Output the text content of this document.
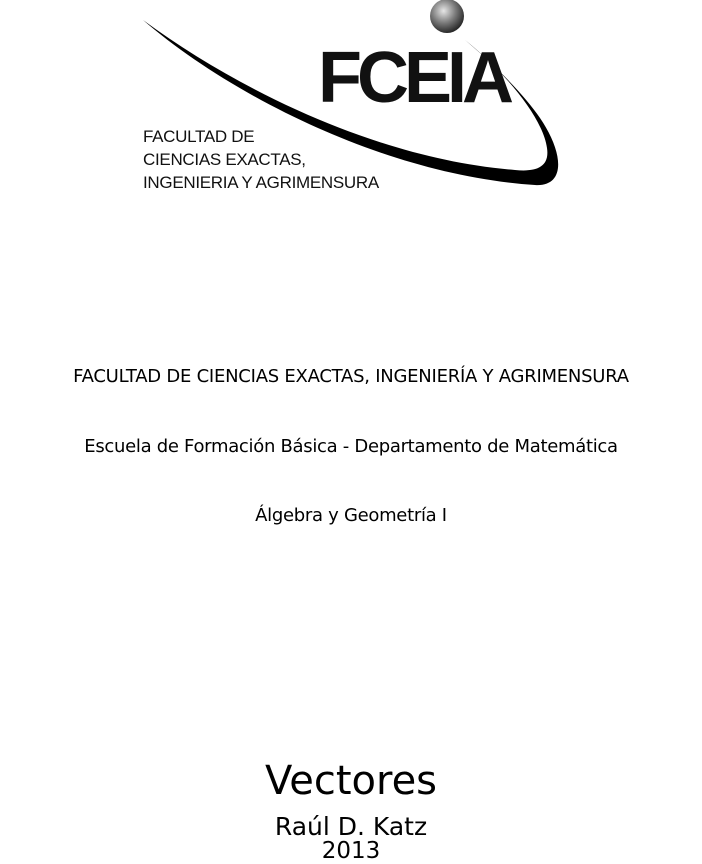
FCEIA
FACULTAD DE
CIENCIAS EXACTAS,
INGENIERIA Y AGRIMENSURA
FACULTAD DE CIENCIAS EXACTAS, INGENIERÍA Y AGRIMENSURA
Escuela de Formación Básica - Departamento de Matemática
Álgebra y Geometría I
Vectores
Raúl D. Katz
2013
